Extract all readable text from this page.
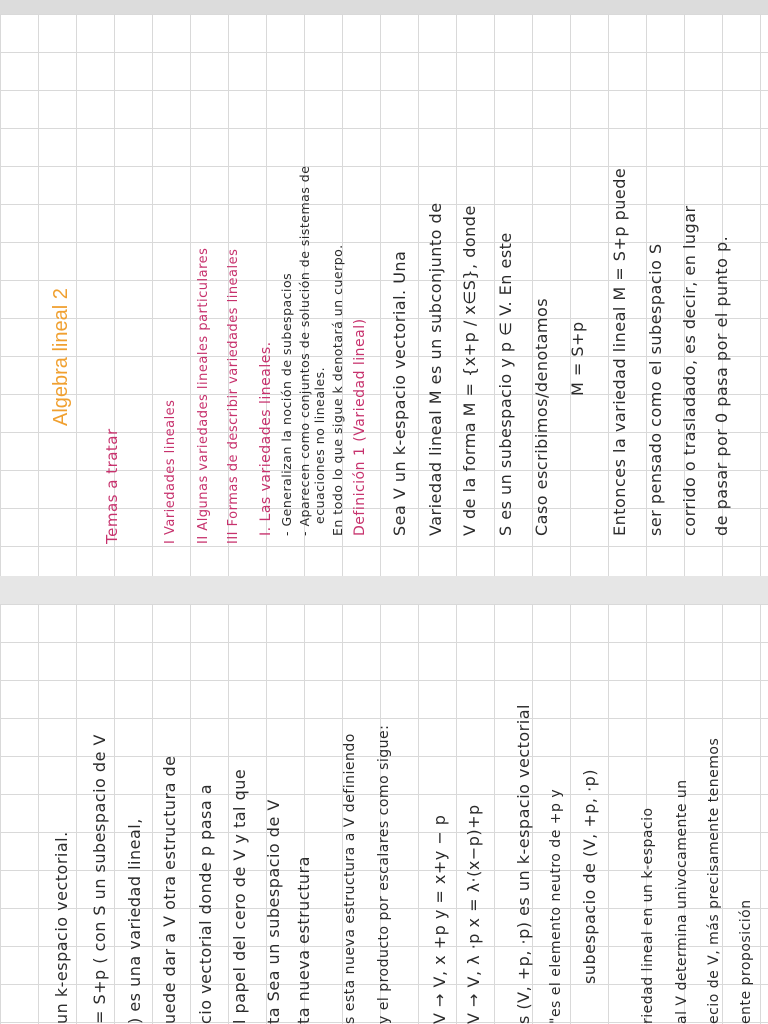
Algebra lineal 2
Temas a tratar	I Variedades lineales II Algunas variedades lineales particulares III Formas de describir variedades lineales I. Las variedades lineales. - Generalizan la noción de subespacios - Aparecen como conjuntos de solución de sistemas de ecuaciones no lineales. En todo lo que sigue k denotará un cuerpo. Definición 1 (Variedad lineal) Sea V un k-espacio vectorial. Una Variedad lineal M es un subconjunto de V de la forma M = {x+p / x∈S}, donde S es un subespacio y p ∈ V. En este Caso escribimos/denotamos M = S+p Entonces la variedad lineal M = S+p puede ser pensado como el subespacio S corrido o trasladado, es decir, en lugar de pasar por 0 pasa por el punto p.
un k-espacio vectorial. = S+p ( con S un subespacio de V ) es una variedad lineal, uede dar a V otra estructura de cio vectorial donde p pasa a l papel del cero de V y tal que ta Sea un subespacio de V ta nueva estructura s esta nueva estructura a V definiendo y el producto por escalares como sigue: V → V, x +p y = x+y − p V → V, λ ·p x = λ·(x−p)+p s (V, +p, ·p) es un k-espacio vectorial "es el elemento neutro de +p y subespacio de (V, +p, ·p)	riedad lineal en un k-espacio al V determina univocamente un ecio de V, más precisamente tenemos ente proposición
